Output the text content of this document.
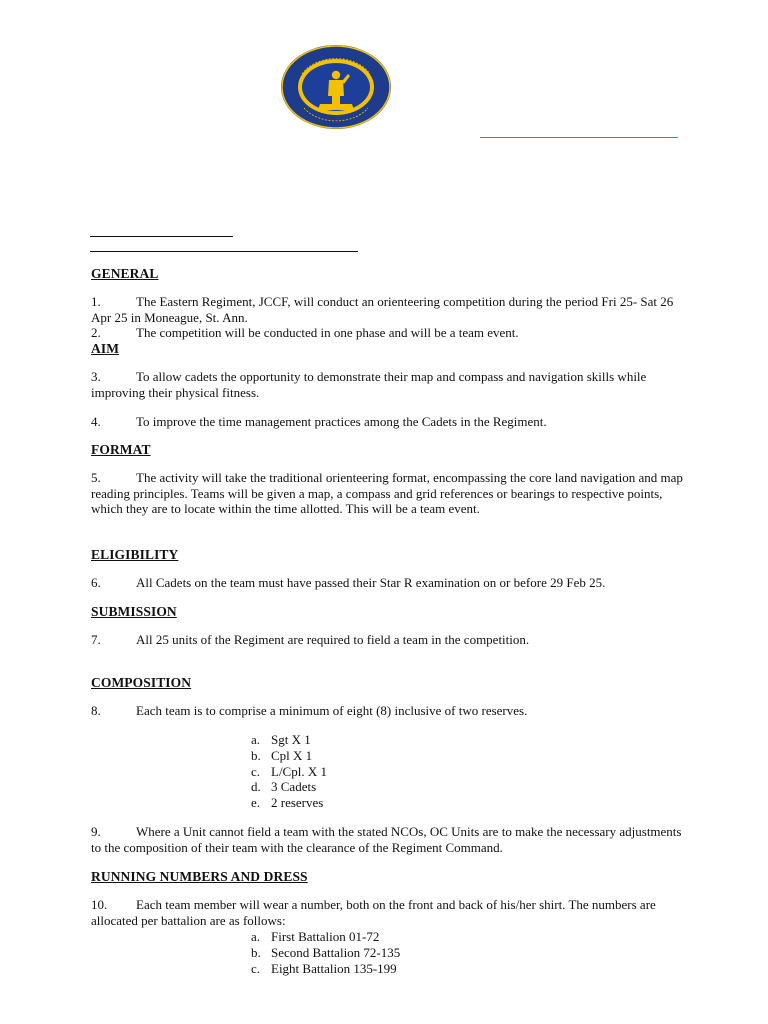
GENERAL
1.	The Eastern Regiment, JCCF, will conduct an orienteering competition during the period Fri 25- Sat 26 Apr 25 in Moneague, St. Ann.
2.	The competition will be conducted in one phase and will be a team event.
AIM
3.	To allow cadets the opportunity to demonstrate their map and compass and navigation skills while improving their physical fitness.
4.	To improve the time management practices among the Cadets in the Regiment.
FORMAT
5.	The activity will take the traditional orienteering format, encompassing the core land navigation and map reading principles. Teams will be given a map, a compass and grid references or bearings to respective points, which they are to locate within the time allotted. This will be a team event.
ELIGIBILITY
6.	All Cadets on the team must have passed their Star R examination on or before 29 Feb 25.
SUBMISSION
7.	All 25 units of the Regiment are required to field a team in the competition.
COMPOSITION
8.	Each team is to comprise a minimum of eight (8) inclusive of two reserves.
a. Sgt X 1
b. Cpl X 1
c. L/Cpl. X 1
d. 3 Cadets
e. 2 reserves
9.	Where a Unit cannot field a team with the stated NCOs, OC Units are to make the necessary adjustments to the composition of their team with the clearance of the Regiment Command.
RUNNING NUMBERS AND DRESS
10. Each team member will wear a number, both on the front and back of his/her shirt. The numbers are allocated per battalion are as follows:
a. First Battalion 01-72
b. Second Battalion 72-135
c. Eight Battalion 135-199
